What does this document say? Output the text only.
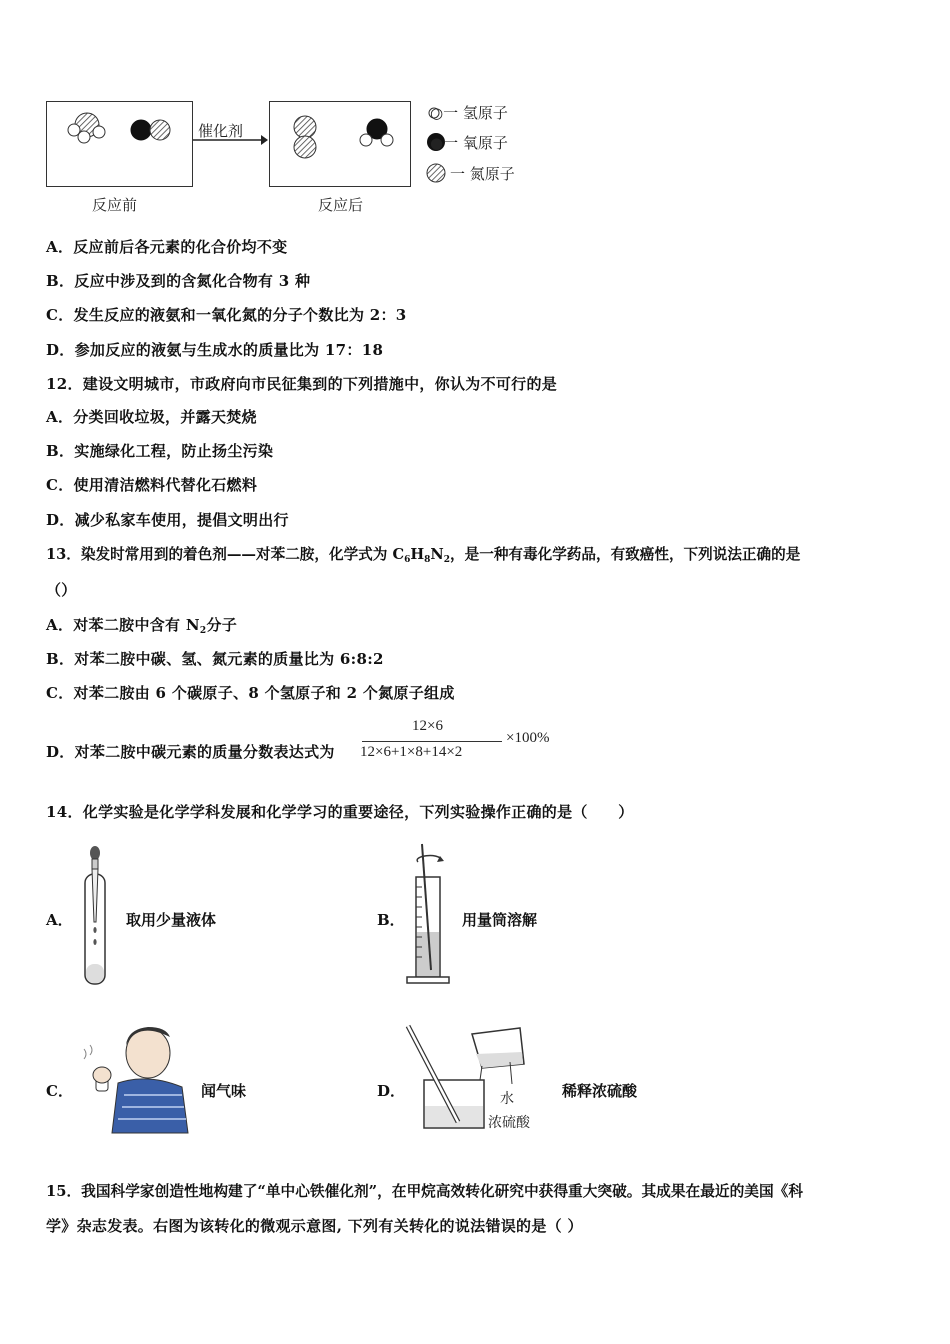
催化剂
反应前	反应后
○一 氢原子
●一 氧原子
一 氮原子
A．反应前后各元素的化合价均不变
B．反应中涉及到的含氮化合物有 3 种
C．发生反应的液氨和一氧化氮的分子个数比为 2：3
D．参加反应的液氨与生成水的质量比为 17：18
12．建设文明城市，市政府向市民征集到的下列措施中，你认为不可行的是
A．分类回收垃圾，并露天焚烧
B．实施绿化工程，防止扬尘污染
C．使用清洁燃料代替化石燃料
D．减少私家车使用，提倡文明出行
13．染发时常用到的着色剂——对苯二胺，化学式为 $C_6H_8N_2$，是一种有毒化学药品，有致癌性，下列说法正确的是
（）
A．对苯二胺中含有 $N_2$分子
B．对苯二胺中碳、氢、氮元素的质量比为 6:8:2
C．对苯二胺由 6 个碳原子、8 个氢原子和 2 个氮原子组成
D．对苯二胺中碳元素的质量分数表达式为
12×6
12×6+1×8+14×2
×100%
14．化学实验是化学学科发展和化学学习的重要途径，下列实验操作正确的是（　　）
A．	取用少量液体	B．	用量筒溶解
C．	闻气味	D．	水
浓硫酸
稀释浓硫酸
15．我国科学家创造性地构建了“单中心铁催化剂”，在甲烷高效转化研究中获得重大突破。其成果在最近的美国《科
学》杂志发表。右图为该转化的微观示意图, 下列有关转化的说法错误的是（ ）
